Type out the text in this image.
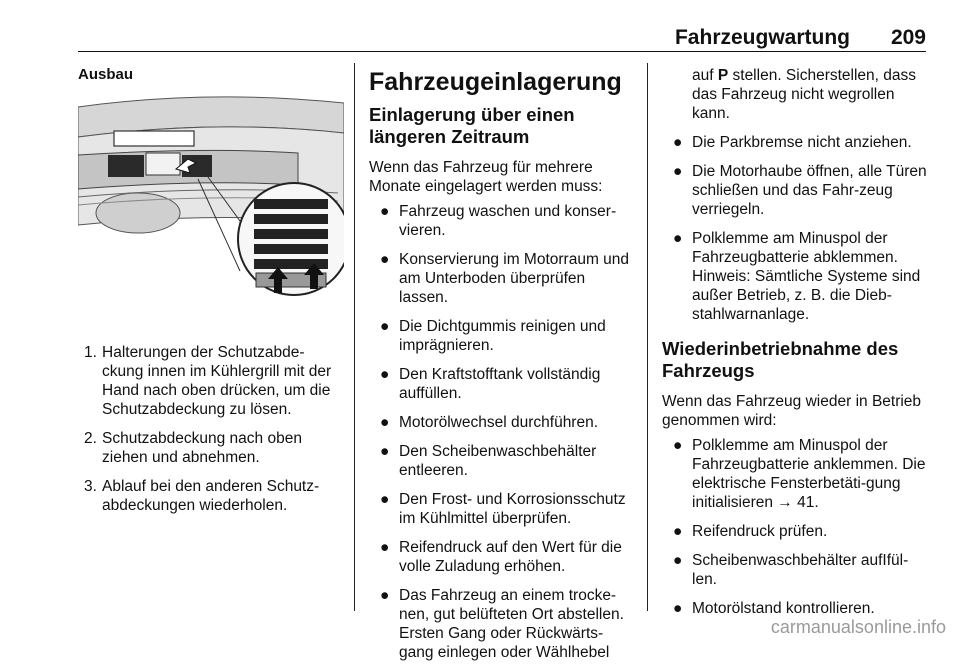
Fahrzeugwartung 209
Ausbau
1. Halterungen der Schutzabde-ckung innen im Kühlergrill mit der Hand nach oben drücken, um die Schutzabdeckung zu lösen.
2. Schutzabdeckung nach oben ziehen und abnehmen.
3. Ablauf bei den anderen Schutz-abdeckungen wiederholen.
Fahrzeugeinlagerung
Einlagerung über einen längeren Zeitraum
Wenn das Fahrzeug für mehrere Monate eingelagert werden muss:
● Fahrzeug waschen und konser-vieren.
● Konservierung im Motorraum und am Unterboden überprüfen lassen.
● Die Dichtgummis reinigen und imprägnieren.
● Den Kraftstofftank vollständig auffüllen.
● Motorölwechsel durchführen.
● Den Scheibenwaschbehälter entleeren.
● Den Frost- und Korrosionsschutz im Kühlmittel überprüfen.
● Reifendruck auf den Wert für die volle Zuladung erhöhen.
● Das Fahrzeug an einem trocke-nen, gut belüfteten Ort abstellen. Ersten Gang oder Rückwärts-gang einlegen oder Wählhebel
auf P stellen. Sicherstellen, dass das Fahrzeug nicht wegrollen kann.
● Die Parkbremse nicht anziehen.
● Die Motorhaube öffnen, alle Türen schließen und das Fahr-zeug verriegeln.
● Polklemme am Minuspol der Fahrzeugbatterie abklemmen. Hinweis: Sämtliche Systeme sind außer Betrieb, z. B. die Dieb-stahlwarnanlage.
Wiederinbetriebnahme des Fahrzeugs
Wenn das Fahrzeug wieder in Betrieb genommen wird:
● Polklemme am Minuspol der Fahrzeugbatterie anklemmen. Die elektrische Fensterbetäti-gung initialisieren → 41.
● Reifendruck prüfen.
● Scheibenwaschbehälter aufIfül-len.
● Motorölstand kontrollieren.
carmanualsonline.info
